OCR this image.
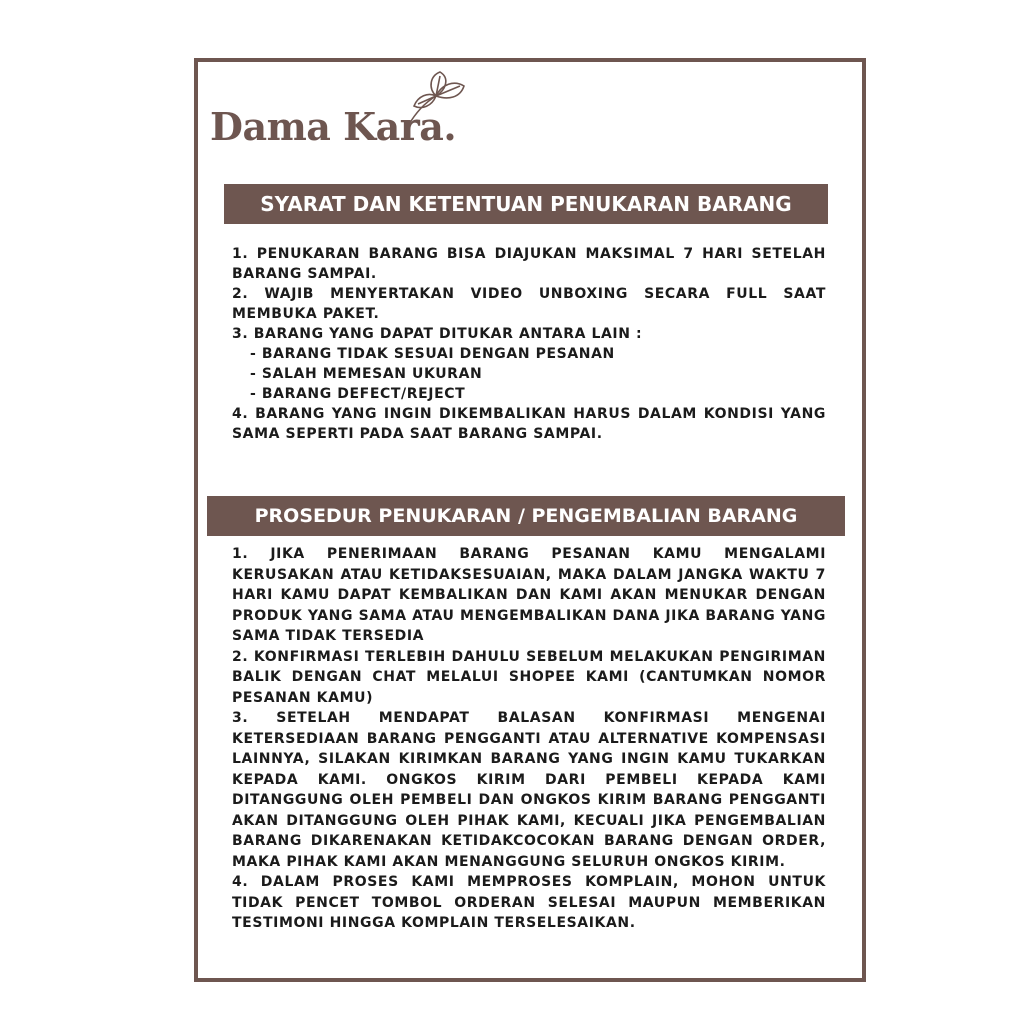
Dama Kara.
SYARAT DAN KETENTUAN PENUKARAN BARANG

1. PENUKARAN BARANG BISA DIAJUKAN MAKSIMAL 7 HARI SETELAH BARANG SAMPAI.

2. WAJIB MENYERTAKAN VIDEO UNBOXING SECARA FULL SAAT MEMBUKA PAKET.

3. BARANG YANG DAPAT DITUKAR ANTARA LAIN :

- BARANG TIDAK SESUAI DENGAN PESANAN

- SALAH MEMESAN UKURAN

- BARANG DEFECT/REJECT

4. BARANG YANG INGIN DIKEMBALIKAN HARUS DALAM KONDISI YANG SAMA SEPERTI PADA SAAT BARANG SAMPAI.

PROSEDUR PENUKARAN / PENGEMBALIAN BARANG

1. JIKA PENERIMAAN BARANG PESANAN KAMU MENGALAMI KERUSAKAN ATAU KETIDAKSESUAIAN, MAKA DALAM JANGKA WAKTU 7 HARI KAMU DAPAT KEMBALIKAN DAN KAMI AKAN MENUKAR DENGAN PRODUK YANG SAMA ATAU MENGEMBALIKAN DANA JIKA BARANG YANG SAMA TIDAK TERSEDIA

2. KONFIRMASI TERLEBIH DAHULU SEBELUM MELAKUKAN PENGIRIMAN BALIK DENGAN CHAT MELALUI SHOPEE KAMI (CANTUMKAN NOMOR PESANAN KAMU)

3. SETELAH MENDAPAT BALASAN KONFIRMASI MENGENAI KETERSEDIAAN BARANG PENGGANTI ATAU ALTERNATIVE KOMPENSASI LAINNYA, SILAKAN KIRIMKAN BARANG YANG INGIN KAMU TUKARKAN KEPADA KAMI. ONGKOS KIRIM DARI PEMBELI KEPADA KAMI DITANGGUNG OLEH PEMBELI DAN ONGKOS KIRIM BARANG PENGGANTI AKAN DITANGGUNG OLEH PIHAK KAMI, KECUALI JIKA PENGEMBALIAN BARANG DIKARENAKAN KETIDAKCOCOKAN BARANG DENGAN ORDER, MAKA PIHAK KAMI AKAN MENANGGUNG SELURUH ONGKOS KIRIM.

4. DALAM PROSES KAMI MEMPROSES KOMPLAIN, MOHON UNTUK TIDAK PENCET TOMBOL ORDERAN SELESAI MAUPUN MEMBERIKAN TESTIMONI HINGGA KOMPLAIN TERSELESAIKAN.
